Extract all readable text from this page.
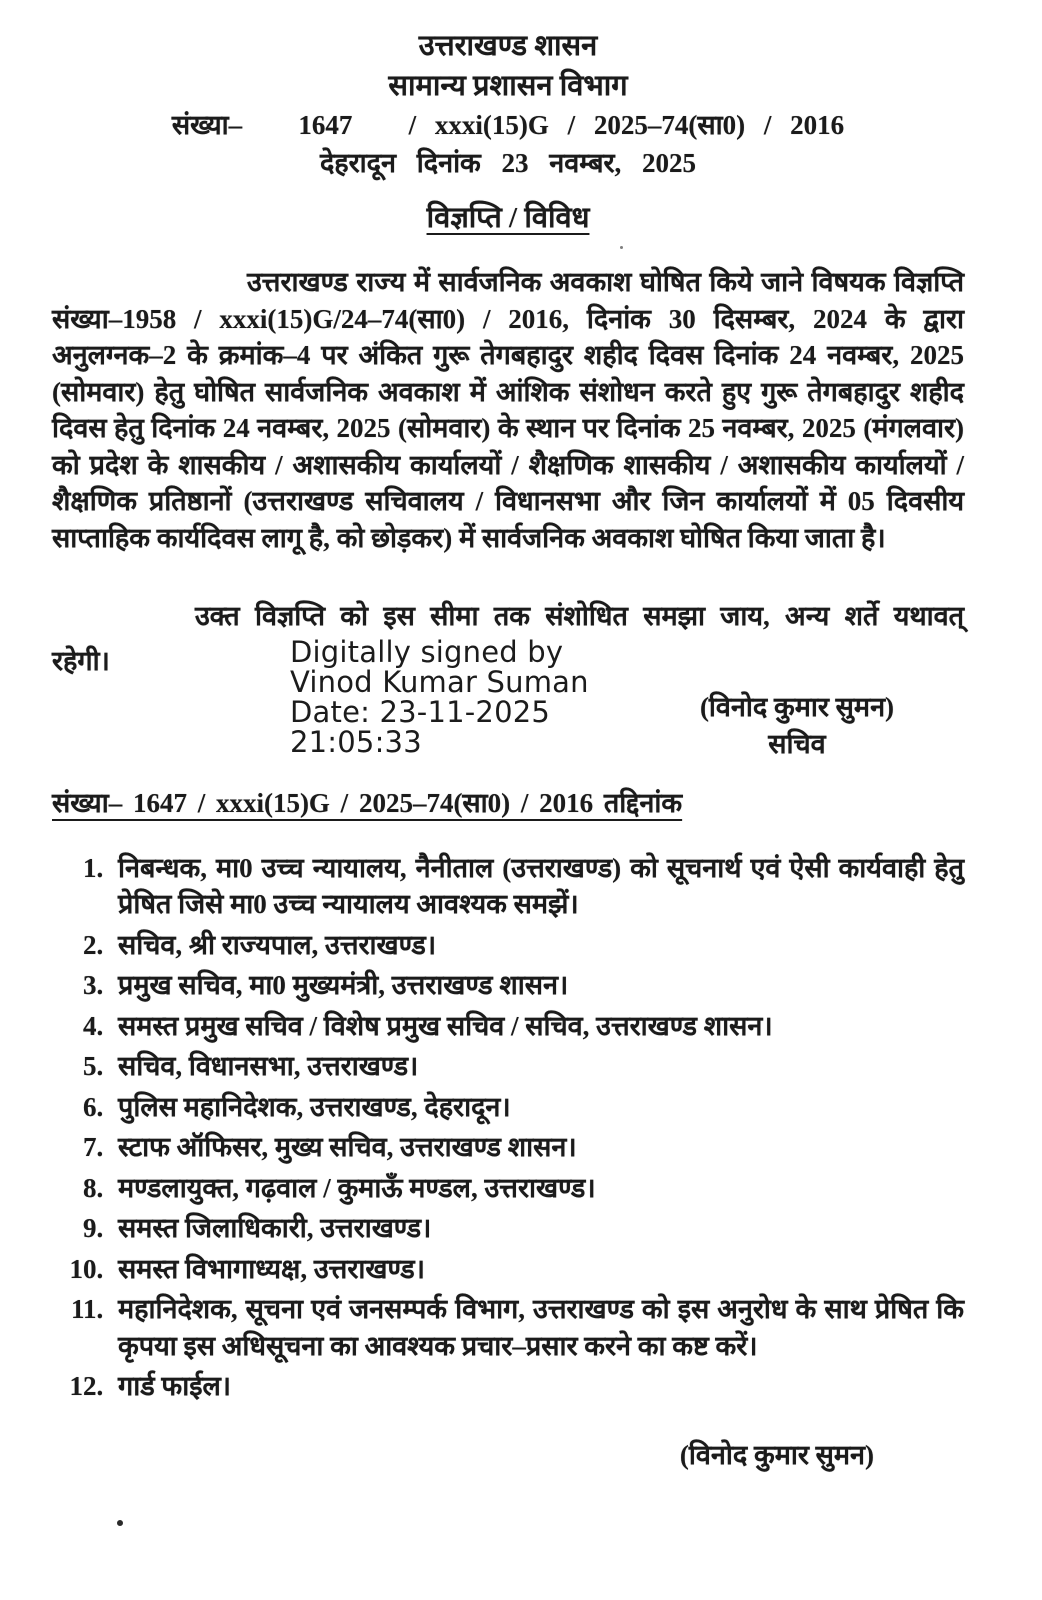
उत्तराखण्ड शासन
सामान्य प्रशासन विभाग
संख्या–   1647   / xxxi(15)G / 2025–74(सा0) / 2016
देहरादून दिनांक 23 नवम्बर, 2025
विज्ञप्ति / विविध

उत्तराखण्ड राज्य में सार्वजनिक अवकाश घोषित किये जाने विषयक विज्ञप्ति संख्या–1958 / xxxi(15)G/24–74(सा0) / 2016, दिनांक 30 दिसम्बर, 2024 के द्वारा अनुलग्नक–2 के क्रमांक–4 पर अंकित गुरू तेगबहादुर शहीद दिवस दिनांक 24 नवम्बर, 2025 (सोमवार) हेतु घोषित सार्वजनिक अवकाश में आंशिक संशोधन करते हुए गुरू तेगबहादुर शहीद दिवस हेतु दिनांक 24 नवम्बर, 2025 (सोमवार) के स्थान पर दिनांक 25 नवम्बर, 2025 (मंगलवार) को प्रदेश के शासकीय / अशासकीय कार्यालयों / शैक्षणिक शासकीय / अशासकीय कार्यालयों / शैक्षणिक प्रतिष्ठानों (उत्तराखण्ड सचिवालय / विधानसभा और जिन कार्यालयों में 05 दिवसीय साप्ताहिक कार्यदिवस लागू है, को छोड़कर) में सार्वजनिक अवकाश घोषित किया जाता है।

उक्त विज्ञप्ति को इस सीमा तक संशोधित समझा जाय, अन्य शर्ते यथावत्

रहेगी।	Digitally signed by
Vinod Kumar Suman
Date: 23-11-2025
21:05:33
(विनोद कुमार सुमन)
सचिव
संख्या– 1647 / xxxi(15)G / 2025–74(सा0) / 2016 तद्दिनांक
1. निबन्धक, मा0 उच्च न्यायालय, नैनीताल (उत्तराखण्ड) को सूचनार्थ एवं ऐसी कार्यवाही हेतु प्रेषित जिसे मा0 उच्च न्यायालय आवश्यक समझें।
2. सचिव, श्री राज्यपाल, उत्तराखण्ड।
3. प्रमुख सचिव, मा0 मुख्यमंत्री, उत्तराखण्ड शासन।
4. समस्त प्रमुख सचिव / विशेष प्रमुख सचिव / सचिव, उत्तराखण्ड शासन।
5. सचिव, विधानसभा, उत्तराखण्ड।
6. पुलिस महानिदेशक, उत्तराखण्ड, देहरादून।
7. स्टाफ ऑफिसर, मुख्य सचिव, उत्तराखण्ड शासन।
8. मण्डलायुक्त, गढ़वाल / कुमाऊँ मण्डल, उत्तराखण्ड।
9. समस्त जिलाधिकारी, उत्तराखण्ड।
10. समस्त विभागाध्यक्ष, उत्तराखण्ड।
11. महानिदेशक, सूचना एवं जनसम्पर्क विभाग, उत्तराखण्ड को इस अनुरोध के साथ प्रेषित कि कृपया इस अधिसूचना का आवश्यक प्रचार–प्रसार करने का कष्ट करें।
12. गार्ड फाईल।
(विनोद कुमार सुमन)
